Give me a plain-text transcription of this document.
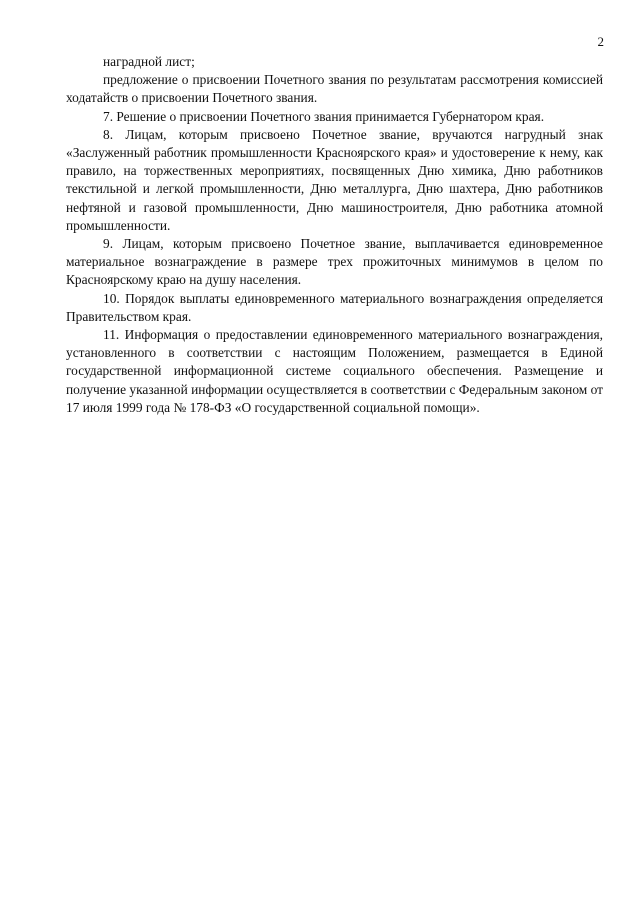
2

наградной лист;

предложение о присвоении Почетного звания по результатам рассмотрения комиссией ходатайств о присвоении Почетного звания.

7. Решение о присвоении Почетного звания принимается Губернатором края.

8. Лицам, которым присвоено Почетное звание, вручаются нагрудный знак «Заслуженный работник промышленности Красноярского края» и удостоверение к нему, как правило, на торжественных мероприятиях, посвященных Дню химика, Дню работников текстильной и легкой промышленности, Дню металлурга, Дню шахтера, Дню работников нефтяной и газовой промышленности, Дню машиностроителя, Дню работника атомной промышленности.

9. Лицам, которым присвоено Почетное звание, выплачивается единовременное материальное вознаграждение в размере трех прожиточных минимумов в целом по Красноярскому краю на душу населения.

10. Порядок выплаты единовременного материального вознаграждения определяется Правительством края.

11. Информация о предоставлении единовременного материального вознаграждения, установленного в соответствии с настоящим Положением, размещается в Единой государственной информационной системе социального обеспечения. Размещение и получение указанной информации осуществляется в соответствии с Федеральным законом от 17 июля 1999 года № 178-ФЗ «О государственной социальной помощи».
